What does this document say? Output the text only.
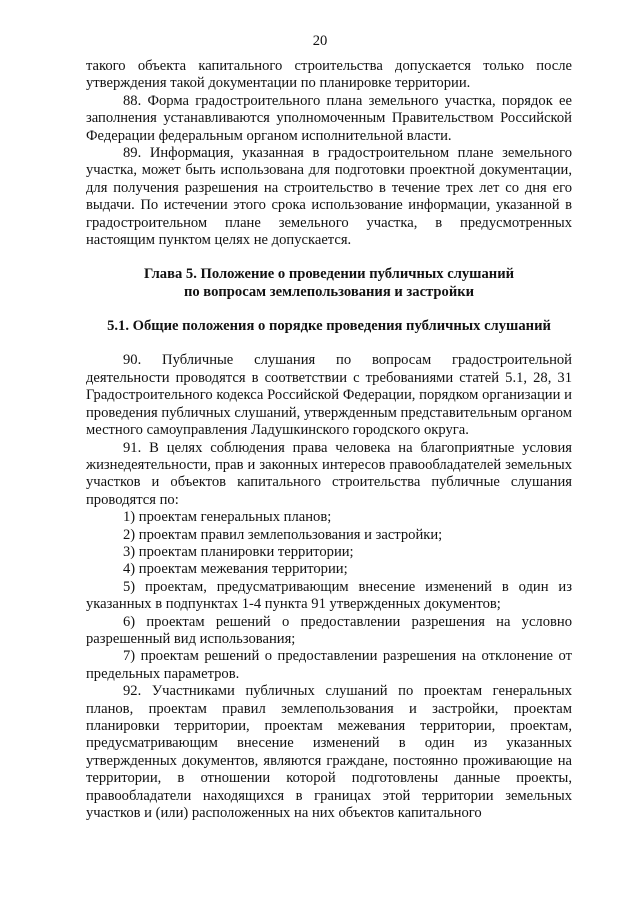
20

такого объекта капитального строительства допускается только после утверждения такой документации по планировке территории.

88. Форма градостроительного плана земельного участка, порядок ее заполнения устанавливаются уполномоченным Правительством Российской Федерации федеральным органом исполнительной власти.

89. Информация, указанная в градостроительном плане земельного участка, может быть использована для подготовки проектной документации, для получения разрешения на строительство в течение трех лет со дня его выдачи. По истечении этого срока использование информации, указанной в градостроительном плане земельного участка, в предусмотренных настоящим пунктом целях не допускается.

Глава 5. Положение о проведении публичных слушаний
по вопросам землепользования и застройки
5.1. Общие положения о порядке проведения публичных слушаний

90. Публичные слушания по вопросам градостроительной деятельности проводятся в соответствии с требованиями статей 5.1, 28, 31 Градостроительного кодекса Российской Федерации, порядком организации и проведения публичных слушаний, утвержденным представительным органом местного самоуправления Ладушкинского городского округа.

91. В целях соблюдения права человека на благоприятные условия жизнедеятельности, прав и законных интересов правообладателей земельных участков и объектов капитального строительства публичные слушания проводятся по:

1) проектам генеральных планов;

2) проектам правил землепользования и застройки;

3) проектам планировки территории;

4) проектам межевания территории;

5) проектам, предусматривающим внесение изменений в один из указанных в подпунктах 1-4 пункта 91 утвержденных документов;

6) проектам решений о предоставлении разрешения на условно разрешенный вид использования;

7) проектам решений о предоставлении разрешения на отклонение от предельных параметров.

92. Участниками публичных слушаний по проектам генеральных планов, проектам правил землепользования и застройки, проектам планировки территории, проектам межевания территории, проектам, предусматривающим внесение изменений в один из указанных утвержденных документов, являются граждане, постоянно проживающие на территории, в отношении которой подготовлены данные проекты, правообладатели находящихся в границах этой территории земельных участков и (или) расположенных на них объектов капитального
